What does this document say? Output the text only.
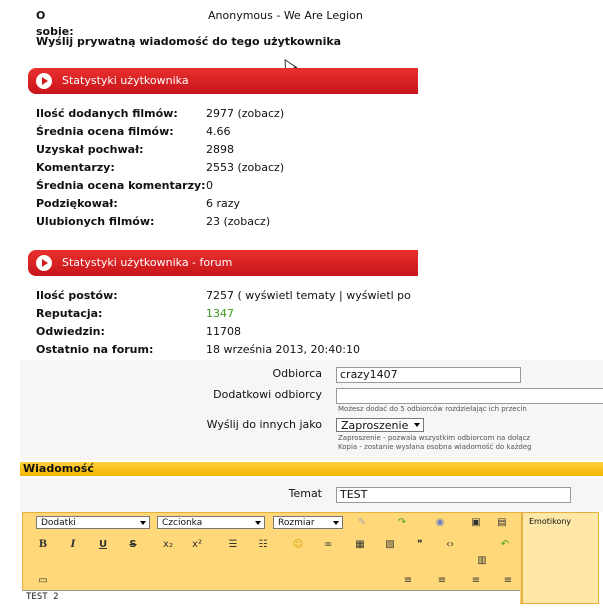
O sobie:
Anonymous - We Are Legion
Wyślij prywatną wiadomość do tego użytkownika
Statystyki użytkownika
Ilość dodanych filmów:	2977 (zobacz)
Średnia ocena filmów:	4.66
Uzyskał pochwał:	2898
Komentarzy:	2553 (zobacz)
Średnia ocena komentarzy: 0
Podziękował:	6 razy
Ulubionych filmów:	23 (zobacz)
Statystyki użytkownika - forum
Ilość postów:	7257 ( wyświetl tematy | wyświetl po
Reputacja:	1347
Odwiedzin:	11708
Ostatnio na forum:	18 września 2013, 20:40:10
Odbiorca	crazy1407
Dodatkowi odbiorcy
Możesz dodać do 5 odbiorców rozdzielając ich przecin
Wyślij do innych jako	Zaproszenie
Zaproszenie - pozwala wszystkim odbiorcom na dołącz
Kopia - zostanie wysłana osobna wiadomość do każdeg
Wiadomość
Temat	TEST
Dodatki	Czcionka	Rozmiar	✎	↷	◉	▣ ▤
B	I	U	S	x₂ x²	☰ ☷	☺ ∞ ▦ ▧	❞	‹›	↶
▥
▭	≡	≡	≡ ≡
Emotikony
TEST 2
